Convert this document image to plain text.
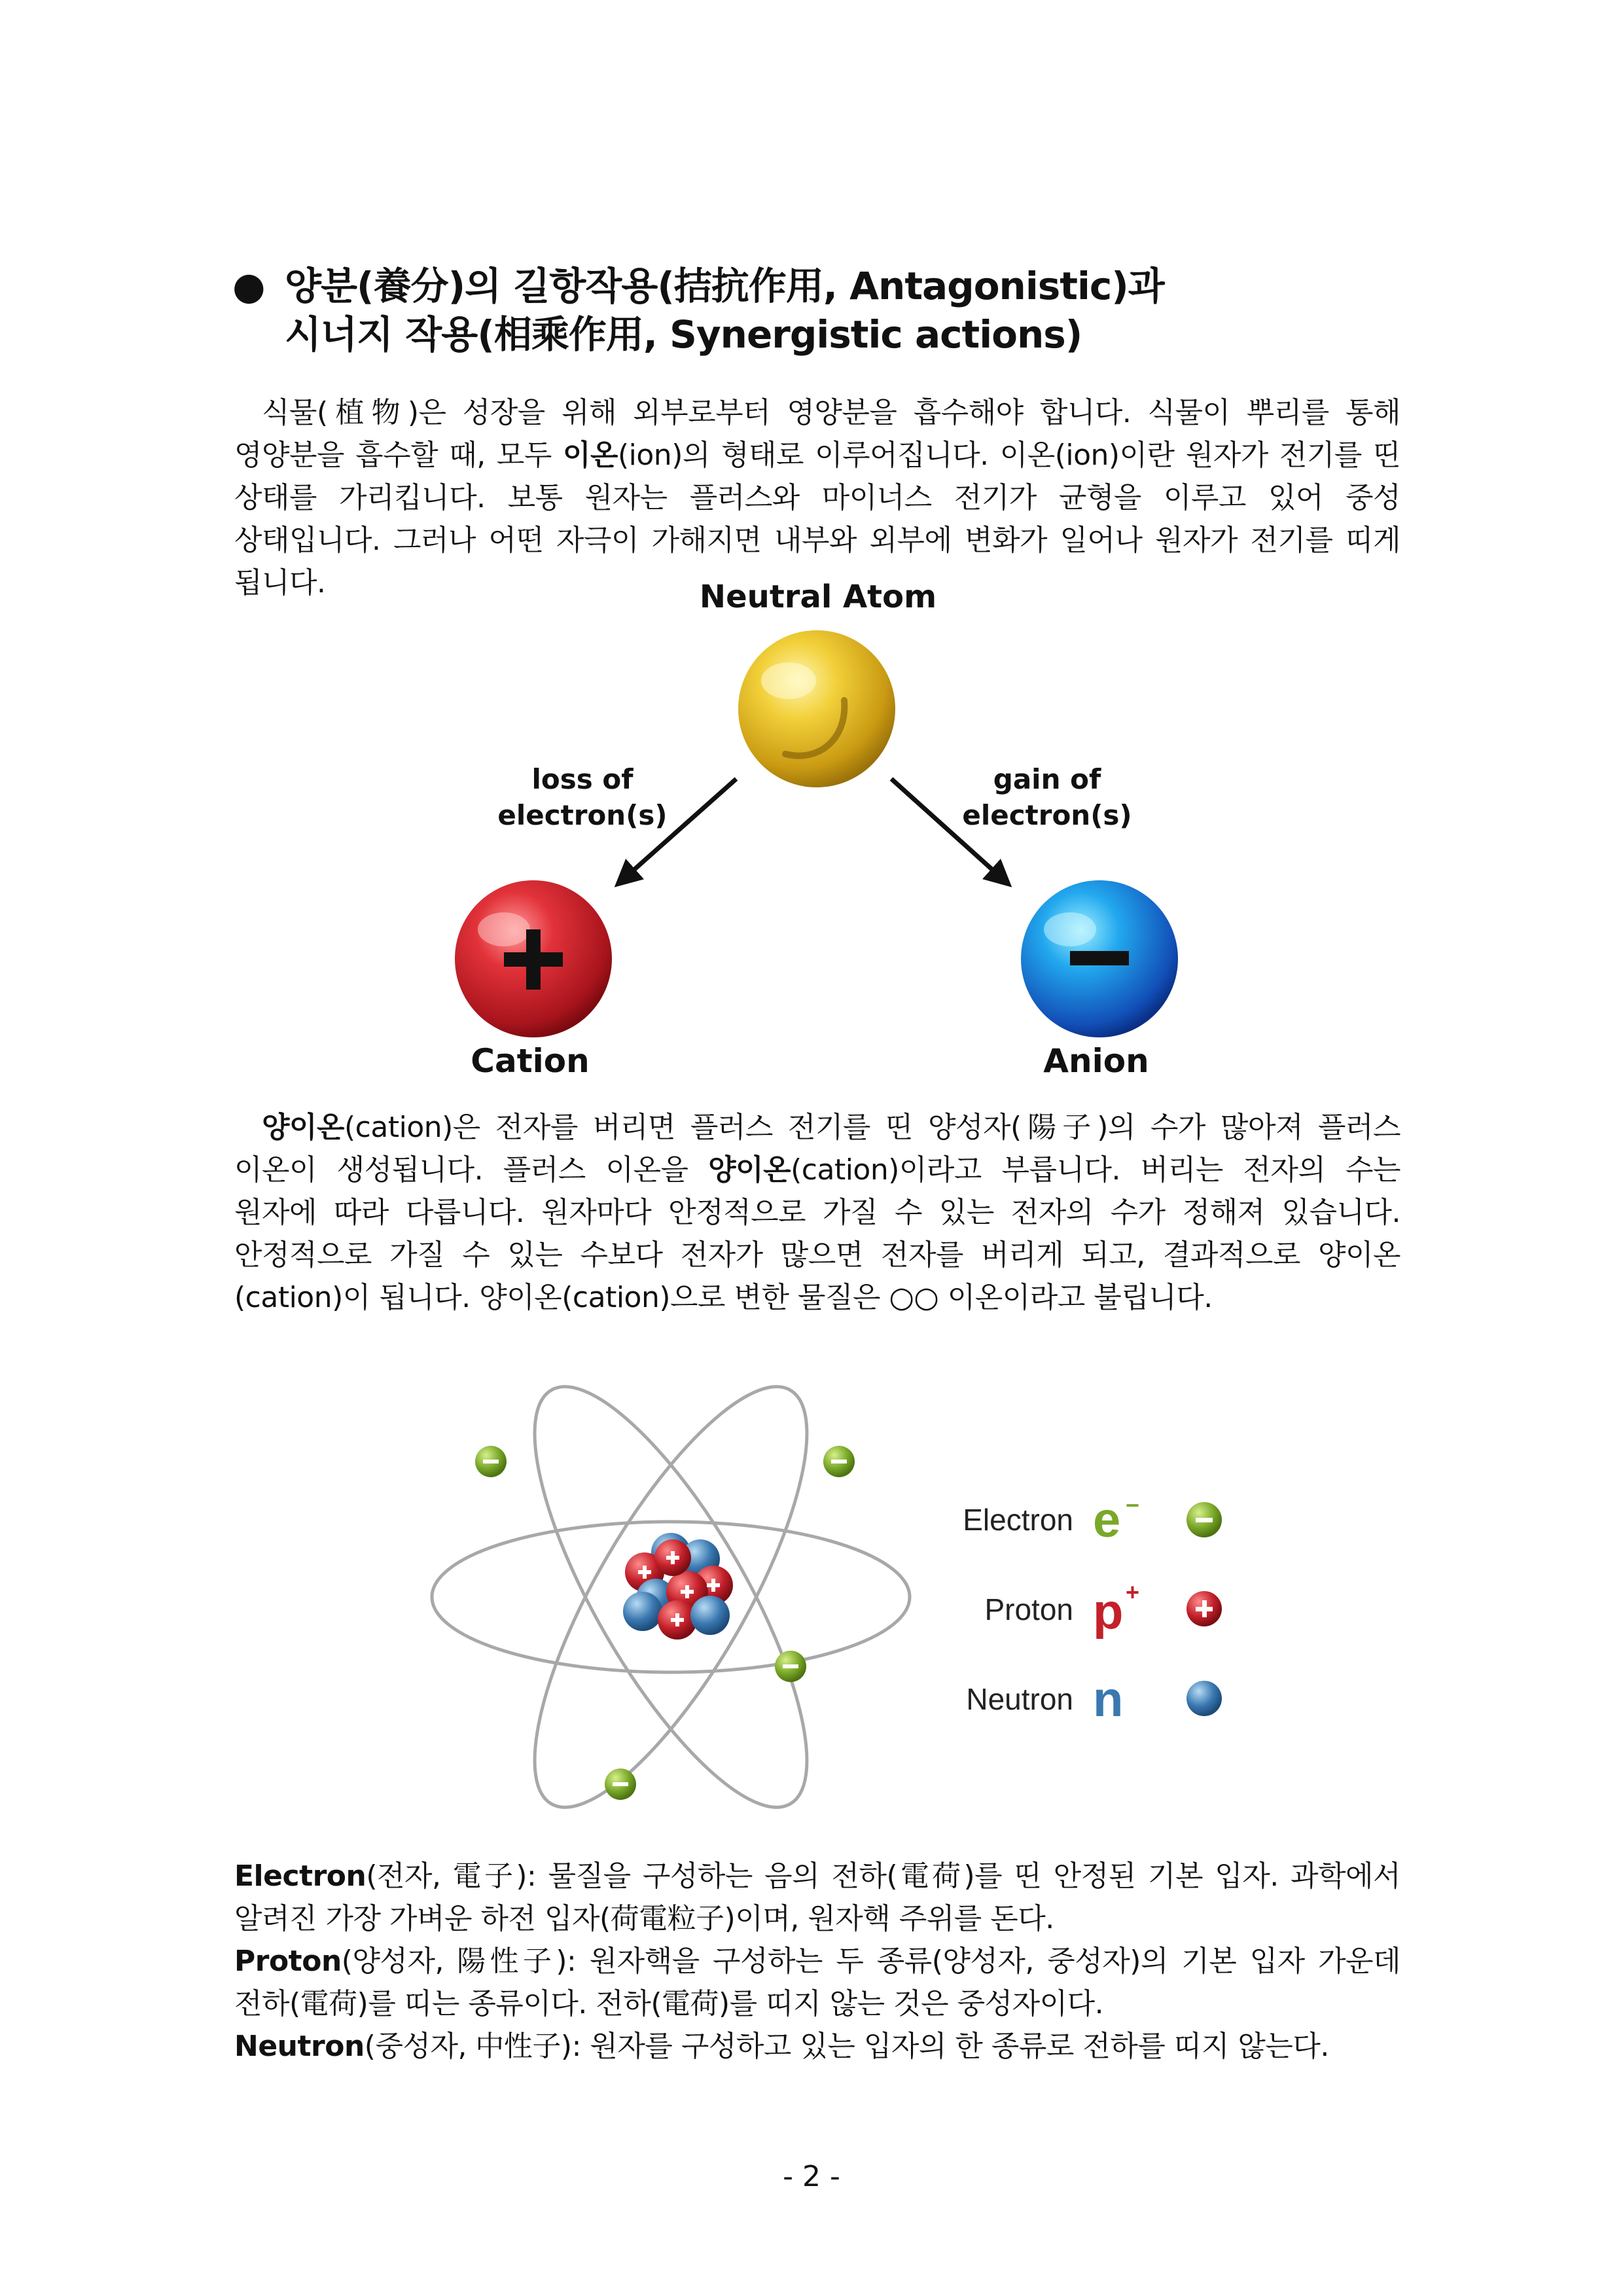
● 양분(養分)의 길항작용(拮抗作用, Antagonistic)과
시너지 작용(相乘作用, Synergistic actions)

식물(植物)은 성장을 위해 외부로부터 영양분을 흡수해야 합니다. 식물이 뿌리를 통해 영양분을 흡수할 때, 모두 이온(ion)의 형태로 이루어집니다. 이온(ion)이란 원자가 전기를 띤 상태를 가리킵니다. 보통 원자는 플러스와 마이너스 전기가 균형을 이루고 있어 중성 상태입니다. 그러나 어떤 자극이 가해지면 내부와 외부에 변화가 일어나 원자가 전기를 띠게 됩니다.	Neutral Atom
loss of
electron(s)
gain of
electron(s)
Cation	Anion

양이온(cation)은 전자를 버리면 플러스 전기를 띤 양성자(陽子)의 수가 많아져 플러스 이온이 생성됩니다. 플러스 이온을 양이온(cation)이라고 부릅니다. 버리는 전자의 수는 원자에 따라 다릅니다. 원자마다 안정적으로 가질 수 있는 전자의 수가 정해져 있습니다. 안정적으로 가질 수 있는 수보다 전자가 많으면 전자를 버리게 되고, 결과적으로 양이온(cation)이 됩니다. 양이온(cation)으로 변한 물질은 ○○ 이온이라고 불립니다.

Electron e −
Proton p +
Neutron n

Electron(전자, 電子): 물질을 구성하는 음의 전하(電荷)를 띤 안정된 기본 입자. 과학에서 알려진 가장 가벼운 하전 입자(荷電粒子)이며, 원자핵 주위를 돈다.

Proton(양성자, 陽性子): 원자핵을 구성하는 두 종류(양성자, 중성자)의 기본 입자 가운데 전하(電荷)를 띠는 종류이다. 전하(電荷)를 띠지 않는 것은 중성자이다.

Neutron(중성자, 中性子): 원자를 구성하고 있는 입자의 한 종류로 전하를 띠지 않는다.

- 2 -
